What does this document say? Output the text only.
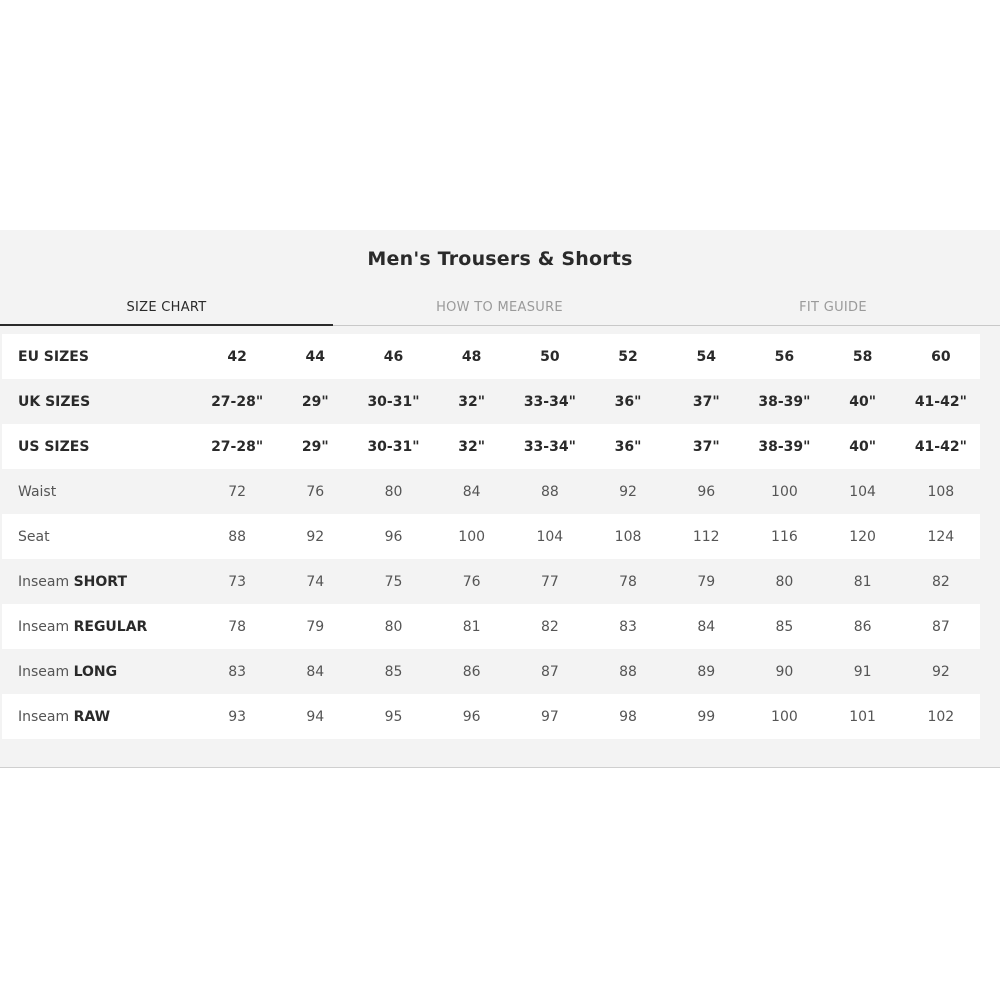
Men's Trousers & Shorts
SIZE CHART	HOW TO MEASURE	FIT GUIDE
EU SIZES	42	44	46	48	50	52	54	56	58	60
UK SIZES	27-28"	29"	30-31"	32"	33-34"	36"	37"	38-39"	40"	41-42"
US SIZES	27-28"	29"	30-31"	32"	33-34"	36"	37"	38-39"	40"	41-42"
Waist	72	76	80	84	88	92	96	100	104	108
Seat	88	92	96	100	104	108	112	116	120	124
Inseam SHORT	73	74	75	76	77	78	79	80	81	82
Inseam REGULAR	78	79	80	81	82	83	84	85	86	87
Inseam LONG	83	84	85	86	87	88	89	90	91	92
Inseam RAW	93	94	95	96	97	98	99	100	101	102
